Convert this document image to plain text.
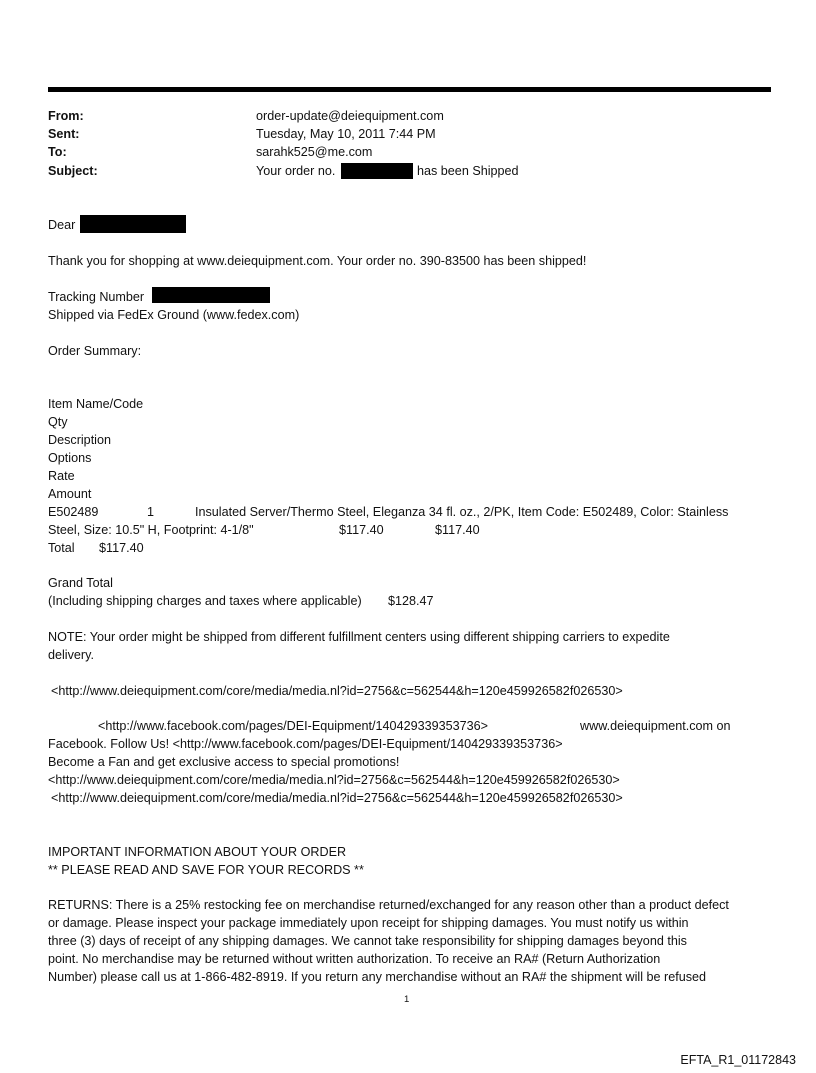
From:	order-update@deiequipment.com
Sent:	Tuesday, May 10, 2011 7:44 PM
To:	sarahk525@me.com
Subject:	Your order no.	has been Shipped
Dear
Thank you for shopping at www.deiequipment.com. Your order no. 390-83500 has been shipped!
Tracking Number
Shipped via FedEx Ground (www.fedex.com)
Order Summary:
Item Name/Code
Qty
Description
Options
Rate
Amount
E502489	1	Insulated Server/Thermo Steel, Eleganza 34 fl. oz., 2/PK, Item Code: E502489, Color: Stainless
Steel, Size: 10.5" H, Footprint: 4-1/8"	$117.40	$117.40
Total $117.40
Grand Total
(Including shipping charges and taxes where applicable) $128.47
NOTE: Your order might be shipped from different fulfillment centers using different shipping carriers to expedite
delivery.
<http://www.deiequipment.com/core/media/media.nl?id=2756&c=562544&h=120e459926582f026530>
<http://www.facebook.com/pages/DEI-Equipment/140429339353736>	www.deiequipment.com on
Facebook. Follow Us! <http://www.facebook.com/pages/DEI-Equipment/140429339353736>
Become a Fan and get exclusive access to special promotions!
<http://www.deiequipment.com/core/media/media.nl?id=2756&c=562544&h=120e459926582f026530>
<http://www.deiequipment.com/core/media/media.nl?id=2756&c=562544&h=120e459926582f026530>
IMPORTANT INFORMATION ABOUT YOUR ORDER
** PLEASE READ AND SAVE FOR YOUR RECORDS **
RETURNS: There is a 25% restocking fee on merchandise returned/exchanged for any reason other than a product defect
or damage. Please inspect your package immediately upon receipt for shipping damages. You must notify us within
three (3) days of receipt of any shipping damages. We cannot take responsibility for shipping damages beyond this
point. No merchandise may be returned without written authorization. To receive an RA# (Return Authorization
Number) please call us at 1-866-482-8919. If you return any merchandise without an RA# the shipment will be refused
1
EFTA_R1_01172843
